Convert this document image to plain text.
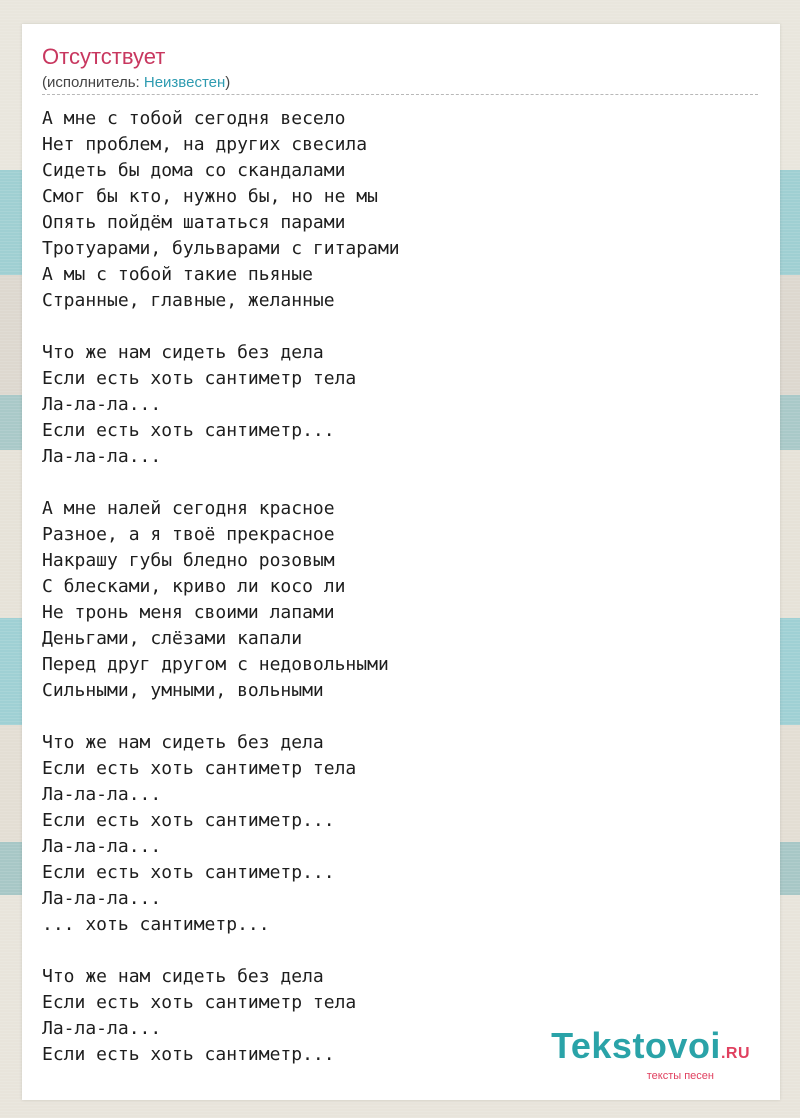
Отсутствует
(исполнитель: Неизвестен)
А мне с тобой сегодня весело
Нет проблем, на других свесила
Сидеть бы дома со скандалами
Смог бы кто, нужно бы, но не мы
Опять пойдём шататься парами
Тротуарами, бульварами с гитарами
А мы с тобой такие пьяные
Странные, главные, желанные

Что же нам сидеть без дела
Если есть хоть сантиметр тела
Ла-ла-ла...
Если есть хоть сантиметр...
Ла-ла-ла...

А мне налей сегодня красное
Разное, а я твоё прекрасное
Накрашу губы бледно розовым
С блесками, криво ли косо ли
Не тронь меня своими лапами
Деньгами, слёзами капали
Перед друг другом с недовольными
Сильными, умными, вольными

Что же нам сидеть без дела
Если есть хоть сантиметр тела
Ла-ла-ла...
Если есть хоть сантиметр...
Ла-ла-ла...
Если есть хоть сантиметр...
Ла-ла-ла...
... хоть сантиметр...

Что же нам сидеть без дела
Если есть хоть сантиметр тела
Ла-ла-ла...
Если есть хоть сантиметр...	Tekstovoi.RU
тексты песен
